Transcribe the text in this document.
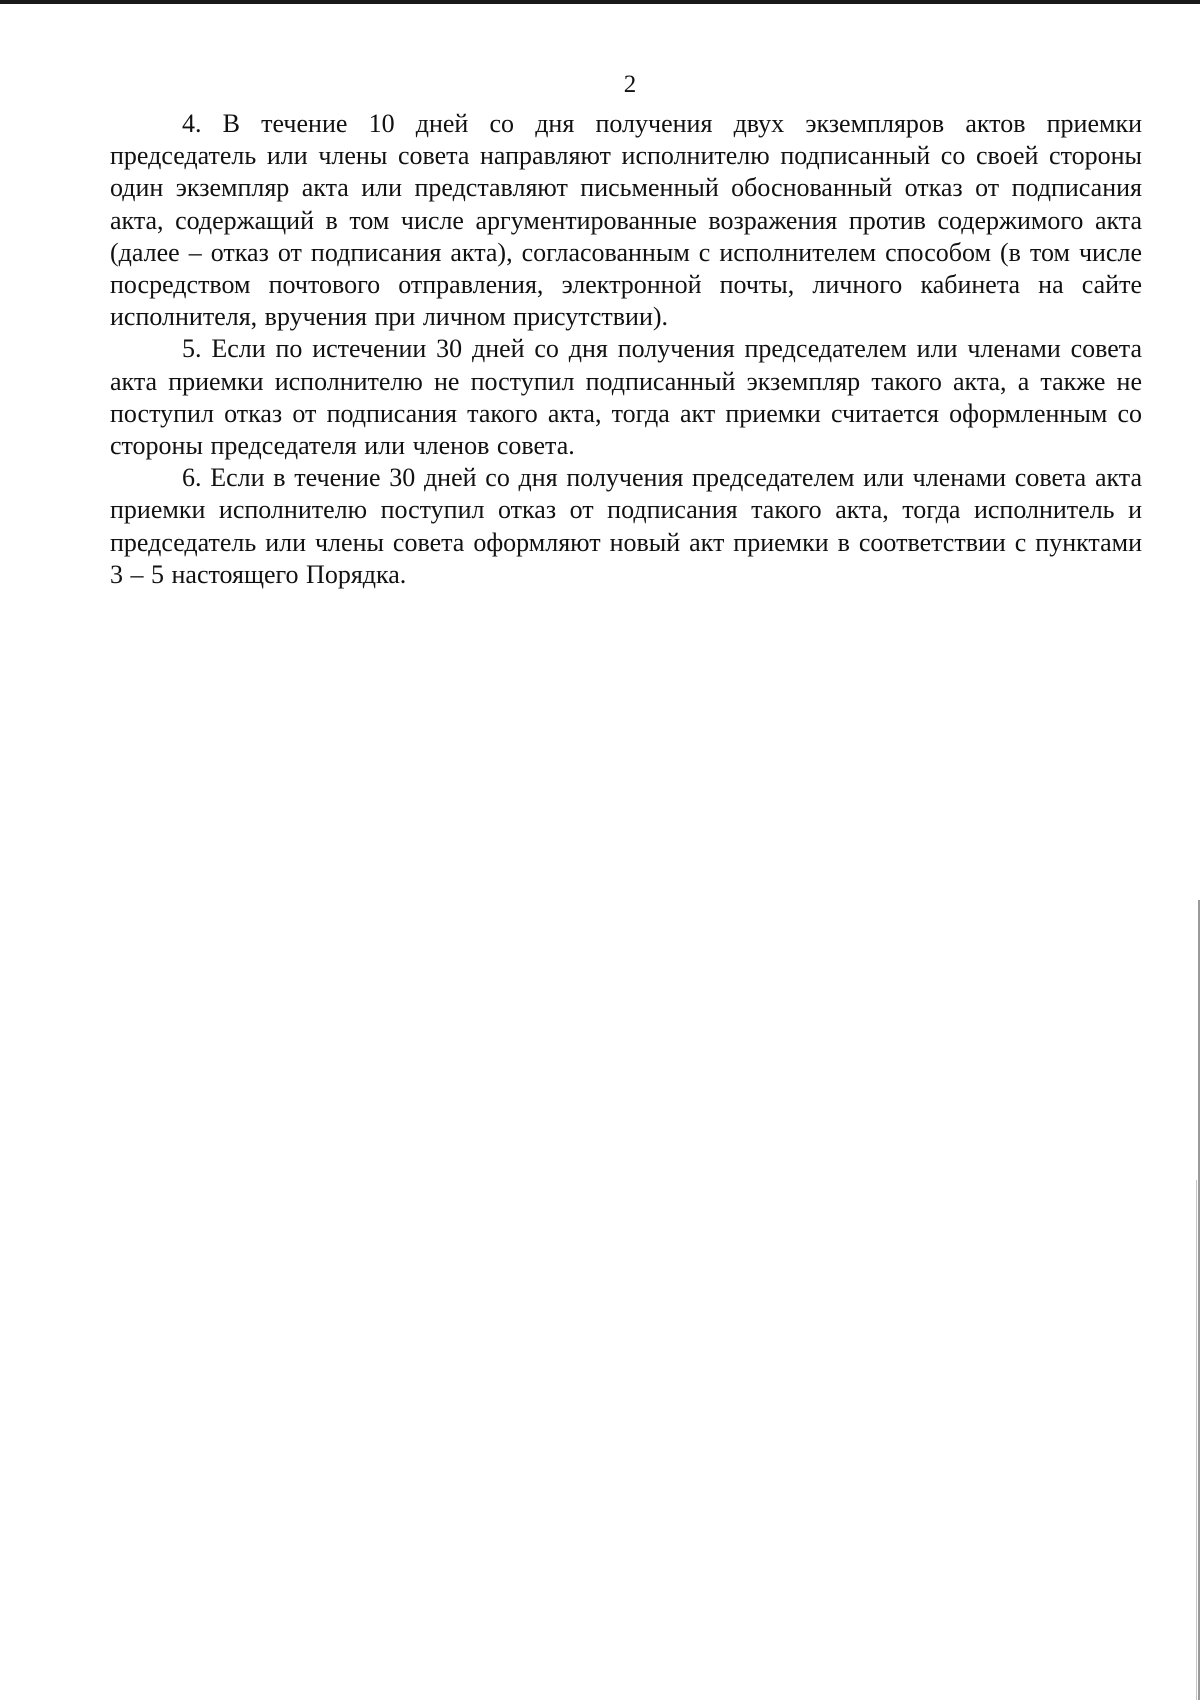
2

4. В течение 10 дней со дня получения двух экземпляров актов приемки председатель или члены совета направляют исполнителю подписанный со своей стороны один экземпляр акта или представляют письменный обоснованный отказ от подписания акта, содержащий в том числе аргументированные возражения против содержимого акта (далее – отказ от подписания акта), согласованным с исполнителем способом (в том числе посредством почтового отправления, электронной почты, личного кабинета на сайте исполнителя, вручения при личном присутствии).

5. Если по истечении 30 дней со дня получения председателем или членами совета акта приемки исполнителю не поступил подписанный экземпляр такого акта, а также не поступил отказ от подписания такого акта, тогда акт приемки считается оформленным со стороны председателя или членов совета.

6. Если в течение 30 дней со дня получения председателем или членами совета акта приемки исполнителю поступил отказ от подписания такого акта, тогда исполнитель и председатель или члены совета оформляют новый акт приемки в соответствии с пунктами 3 – 5 настоящего Порядка.
